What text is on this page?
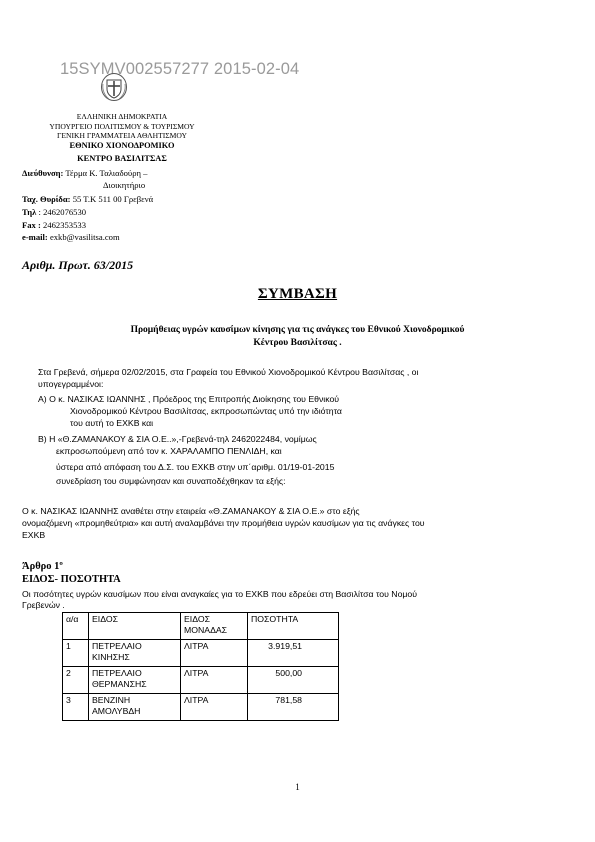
15SYMV002557277 2015-02-04
ΕΛΛΗΝΙΚΗ ΔΗΜΟΚΡΑΤΙΑ
ΥΠΟΥΡΓΕΙΟ ΠΟΛΙΤΙΣΜΟΥ & ΤΟΥΡΙΣΜΟΥ
ΓΕΝΙΚΗ ΓΡΑΜΜΑΤΕΙΑ ΑΘΛΗΤΙΣΜΟΥ
ΕΘΝΙΚΟ ΧΙΟΝΟΔΡΟΜΙΚΟ
ΚΕΝΤΡΟ ΒΑΣΙΛΙΤΣΑΣ
Διεύθυνση: Τέρμα Κ. Ταλιαδούρη –
Διοικητήριο
Ταχ. Θυρίδα: 55 Τ.Κ 511 00 Γρεβενά
Τηλ : 2462076530
Fax : 2462353533
e-mail: exkb@vasilitsa.com
Αριθμ. Πρωτ. 63/2015
ΣΥΜΒΑΣΗ
Προμήθειας υγρών καυσίμων κίνησης για τις ανάγκες του Εθνικού Χιονοδρομικού
Κέντρου Βασιλίτσας .
Στα Γρεβενά, σήμερα 02/02/2015, στα Γραφεία του Εθνικού Χιονοδρομικού Κέντρου Βασιλίτσας , οι
υπογεγραμμένοι:
Α) Ο κ. ΝΑΣΙΚΑΣ ΙΩΑΝΝΗΣ , Πρόεδρος της Επιτροπής Διοίκησης του Εθνικού
Χιονοδρομικού Κέντρου Βασιλίτσας, εκπροσωπώντας υπό την ιδιότητα
του αυτή το ΕΧΚΒ και
Β) Η «Θ.ΖΑΜΑΝΑΚΟΥ & ΣΙΑ Ο.Ε..»,-Γρεβενά-τηλ 2462022484, νομίμως
εκπροσωπούμενη από τον κ. ΧΑΡΑΛΑΜΠΟ ΠΕΝΛΙΔΗ, και
ύστερα από απόφαση του Δ.Σ. του ΕΧΚΒ στην υπ΄αριθμ. 01/19-01-2015
συνεδρίαση του συμφώνησαν και συναποδέχθηκαν τα εξής:
Ο κ. ΝΑΣΙΚΑΣ ΙΩΑΝΝΗΣ αναθέτει στην εταιρεία «Θ.ΖΑΜΑΝΑΚΟΥ & ΣΙΑ Ο.Ε.» στο εξής
ονομαζόμενη «προμηθεύτρια» και αυτή αναλαμβάνει την προμήθεια υγρών καυσίμων για τις ανάγκες του
ΕΧΚΒ
Άρθρο 1º
ΕΙΔΟΣ- ΠΟΣΟΤΗΤΑ
Οι ποσότητες υγρών καυσίμων που είναι αναγκαίες για το ΕΧΚΒ που εδρεύει στη Βασιλίτσα του Νομού
Γρεβενών .
α/α	ΕΙΔΟΣ	ΕΙΔΟΣ ΜΟΝΑΔΑΣ	ΠΟΣΟΤΗΤΑ
1	ΠΕΤΡΕΛΑΙΟ ΚΙΝΗΣΗΣ	ΛΙΤΡΑ	3.919,51
2	ΠΕΤΡΕΛΑΙΟ ΘΕΡΜΑΝΣΗΣ	ΛΙΤΡΑ	500,00
3	ΒΕΝΖΙΝΗ ΑΜΟΛΥΒΔΗ	ΛΙΤΡΑ	781,58
1
